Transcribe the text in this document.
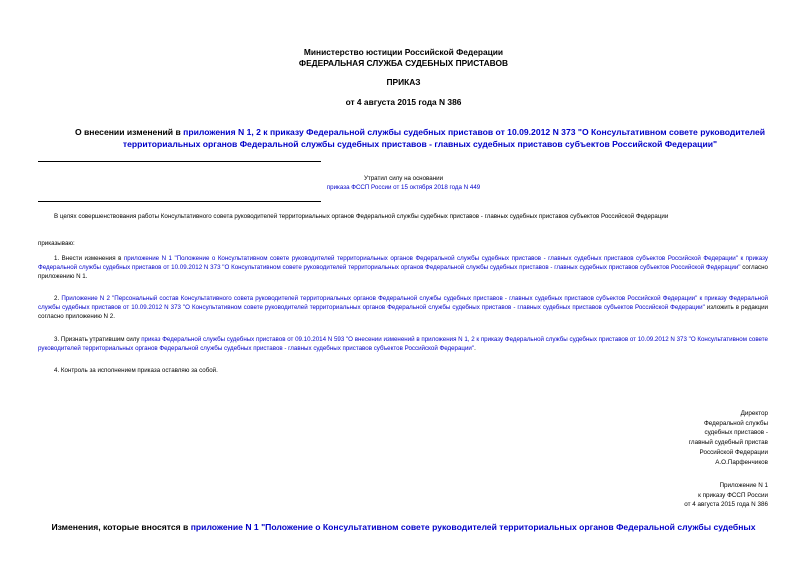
Министерство юстиции Российской Федерации
ФЕДЕРАЛЬНАЯ СЛУЖБА СУДЕБНЫХ ПРИСТАВОВ
ПРИКАЗ
от 4 августа 2015 года N 386
О внесении изменений в приложения N 1, 2 к приказу Федеральной службы судебных приставов от 10.09.2012 N 373 "О Консультативном совете руководителей территориальных органов Федеральной службы судебных приставов - главных судебных приставов субъектов Российской Федерации"
Утратил силу на основании
приказа ФССП России от 15 октября 2018 года N 449
В целях совершенствования работы Консультативного совета руководителей территориальных органов Федеральной службы судебных приставов - главных судебных приставов субъектов Российской Федерации
приказываю:
1. Внести изменения в приложение N 1 "Положение о Консультативном совете руководителей территориальных органов Федеральной службы судебных приставов - главных судебных приставов субъектов Российской Федерации" к приказу Федеральной службы судебных приставов от 10.09.2012 N 373 "О Консультативном совете руководителей территориальных органов Федеральной службы судебных приставов - главных судебных приставов субъектов Российской Федерации" согласно приложению N 1.
2. Приложение N 2 "Персональный состав Консультативного совета руководителей территориальных органов Федеральной службы судебных приставов - главных судебных приставов субъектов Российской Федерации" к приказу Федеральной службы судебных приставов от 10.09.2012 N 373 "О Консультативном совете руководителей территориальных органов Федеральной службы судебных приставов - главных судебных приставов субъектов Российской Федерации" изложить в редакции согласно приложению N 2.
3. Признать утратившим силу приказ Федеральной службы судебных приставов от 09.10.2014 N 593 "О внесении изменений в приложения N 1, 2 к приказу Федеральной службы судебных приставов от 10.09.2012 N 373 "О Консультативном совете руководителей территориальных органов Федеральной службы судебных приставов - главных судебных приставов субъектов Российской Федерации".
4. Контроль за исполнением приказа оставляю за собой.
Директор
Федеральной службы
судебных приставов -
главный судебный пристав
Российской Федерации
А.О.Парфенчиков
Приложение N 1
к приказу ФССП России
от 4 августа 2015 года N 386
Изменения, которые вносятся в приложение N 1 "Положение о Консультативном совете руководителей территориальных органов Федеральной службы судебных
